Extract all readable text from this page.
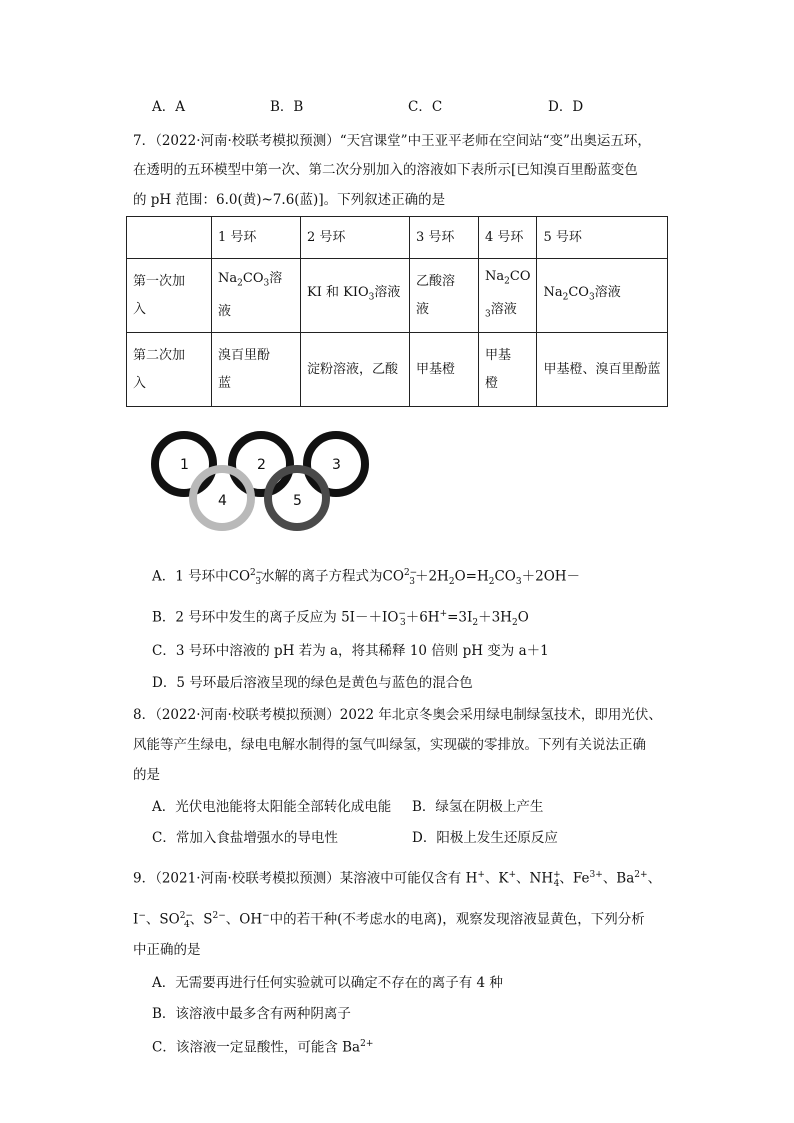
A．A	B．B	C．C	D．D
7．（2022·河南·校联考模拟预测）“天宫课堂”中王亚平老师在空间站“变”出奥运五环，
在透明的五环模型中第一次、第二次分别加入的溶液如下表所示[已知溴百里酚蓝变色
的 pH 范围：6.0(黄)~7.6(蓝)]。下列叙述正确的是
	1 号环	2 号环	3 号环	4 号环	5 号环
第一次加
入	$Na_2CO_3$溶
液	KI 和 $KIO_3$溶液	乙酸溶
液	$Na_2CO$
$_3$溶液	$Na_2CO_3$溶液
第二次加
入	溴百里酚
蓝	淀粉溶液，乙酸	甲基橙	甲基
橙	甲基橙、溴百里酚蓝
1	2	3
4	5
A．1 号环中$CO^{2-}_3$水解的离子方程式为$CO^{2-}_3+2H_2O=H_2CO_3+2OH-$
B．2 号环中发生的离子反应为 $5I-+IO^-_3+6H^+=3I_2+3H_2O$
C．3 号环中溶液的 pH 若为 a，将其稀释 10 倍则 pH 变为 a＋1
D．5 号环最后溶液呈现的绿色是黄色与蓝色的混合色
8．（2022·河南·校联考模拟预测）2022 年北京冬奥会采用绿电制绿氢技术，即用光伏、
风能等产生绿电，绿电电解水制得的氢气叫绿氢，实现碳的零排放。下列有关说法正确
的是
A．光伏电池能将太阳能全部转化成电能 B．绿氢在阴极上产生
C．常加入食盐增强水的导电性	D．阳极上发生还原反应
9．（2021·河南·校联考模拟预测）某溶液中可能仅含有 H+、K+、$NH^+_4$、$Fe^{3+}$、$Ba^{2+}$、
I−、$SO^{2-}_4$、$S^{2-}$、OH−中的若干种(不考虑水的电离)，观察发现溶液显黄色，下列分析
中正确的是
A．无需要再进行任何实验就可以确定不存在的离子有 4 种
B．该溶液中最多含有两种阴离子
C．该溶液一定显酸性，可能含 $Ba^{2+}$
